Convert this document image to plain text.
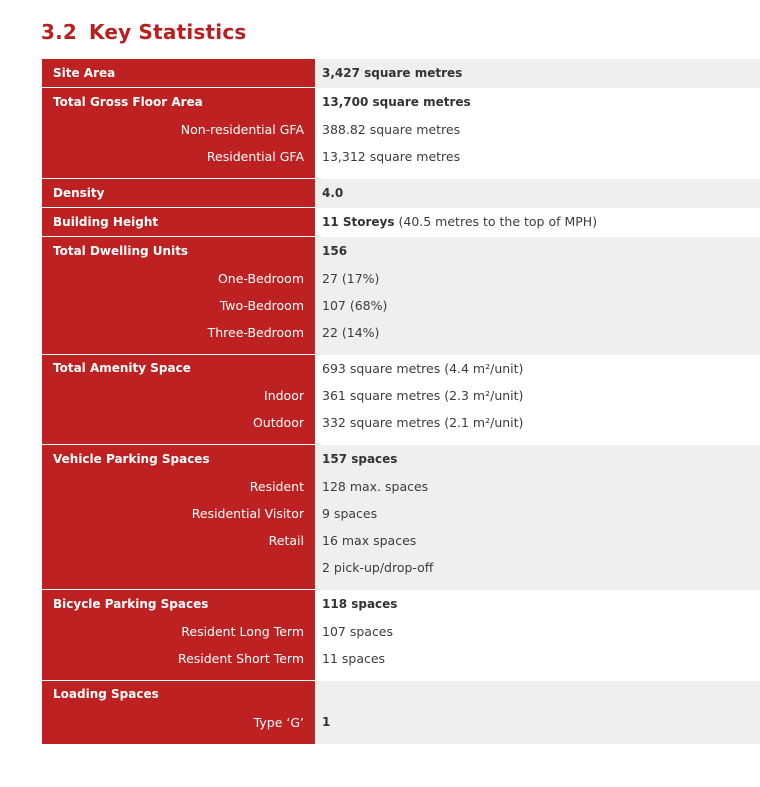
3.2 Key Statistics
Site Area	3,427 square metres
Total Gross Floor Area	13,700 square metres
Non-residential GFA	388.82 square metres
Residential GFA	13,312 square metres

Density	4.0
Building Height	11 Storeys (40.5 metres to the top of MPH)
Total Dwelling Units	156
One-Bedroom	27 (17%)
Two-Bedroom	107 (68%)
Three-Bedroom	22 (14%)

Total Amenity Space	693 square metres (4.4 m²/unit)
Indoor	361 square metres (2.3 m²/unit)
Outdoor	332 square metres (2.1 m²/unit)

Vehicle Parking Spaces	157 spaces
Resident	128 max. spaces
Residential Visitor	9 spaces
Retail	16 max spaces
	2 pick-up/drop-off

Bicycle Parking Spaces	118 spaces
Resident Long Term	107 spaces
Resident Short Term	11 spaces

Loading Spaces	
Type ‘G’	1
